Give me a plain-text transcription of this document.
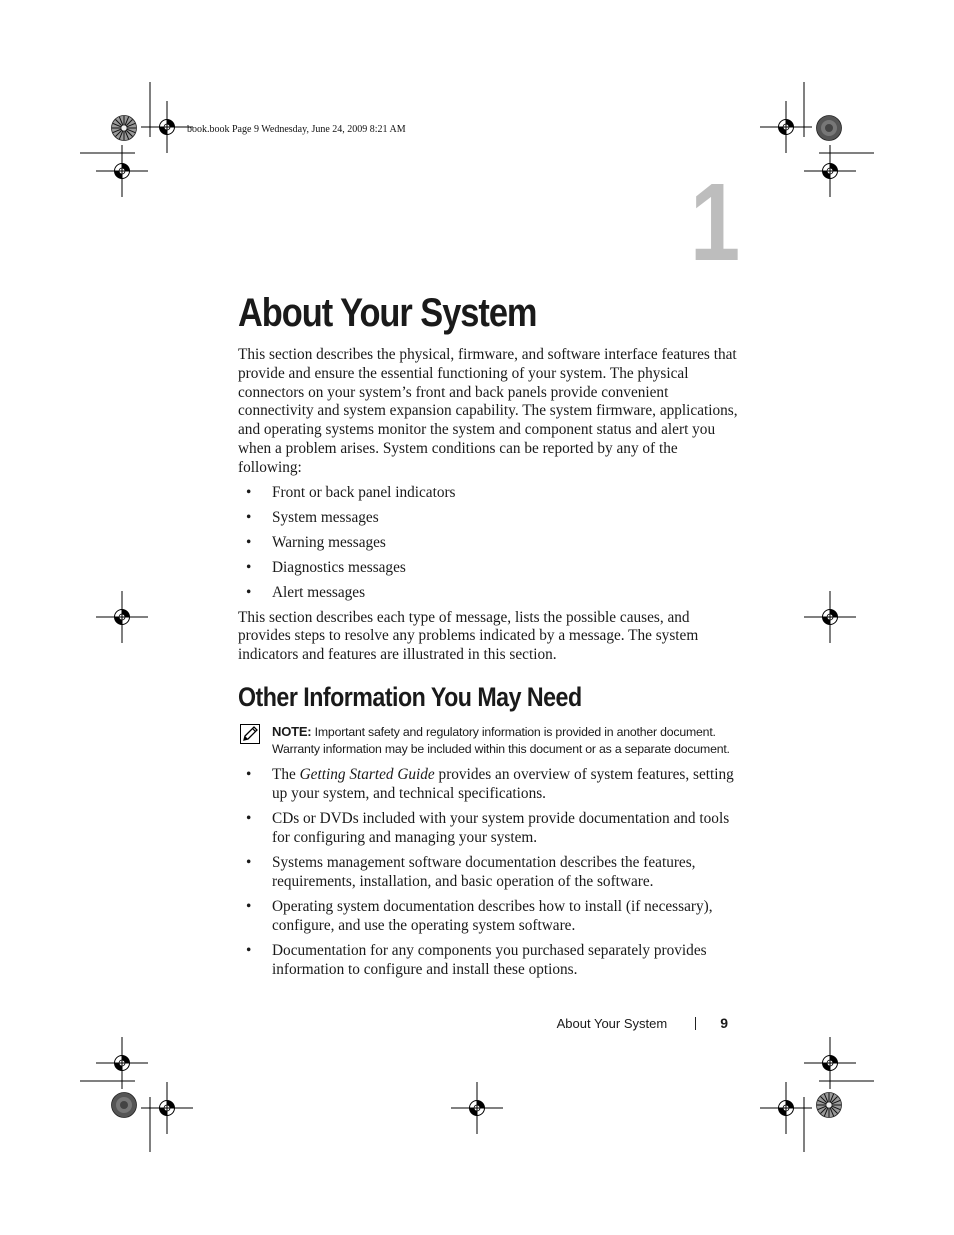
book.book Page 9 Wednesday, June 24, 2009 8:21 AM
1
About Your System

This section describes the physical, firmware, and software interface features that provide and ensure the essential functioning of your system. The physical connectors on your system’s front and back panels provide convenient connectivity and system expansion capability. The system firmware, applications, and operating systems monitor the system and component status and alert you when a problem arises. System conditions can be reported by any of the following:

• Front or back panel indicators
• System messages
• Warning messages
• Diagnostics messages
• Alert messages

This section describes each type of message, lists the possible causes, and provides steps to resolve any problems indicated by a message. The system indicators and features are illustrated in this section.

Other Information You May Need
NOTE: Important safety and regulatory information is provided in another document. Warranty information may be included within this document or as a separate document.
• The Getting Started Guide provides an overview of system features, setting up your system, and technical specifications.
• CDs or DVDs included with your system provide documentation and tools for configuring and managing your system.
• Systems management software documentation describes the features, requirements, installation, and basic operation of the software.
• Operating system documentation describes how to install (if necessary), configure, and use the operating system software.
• Documentation for any components you purchased separately provides information to configure and install these options.
About Your System	9
